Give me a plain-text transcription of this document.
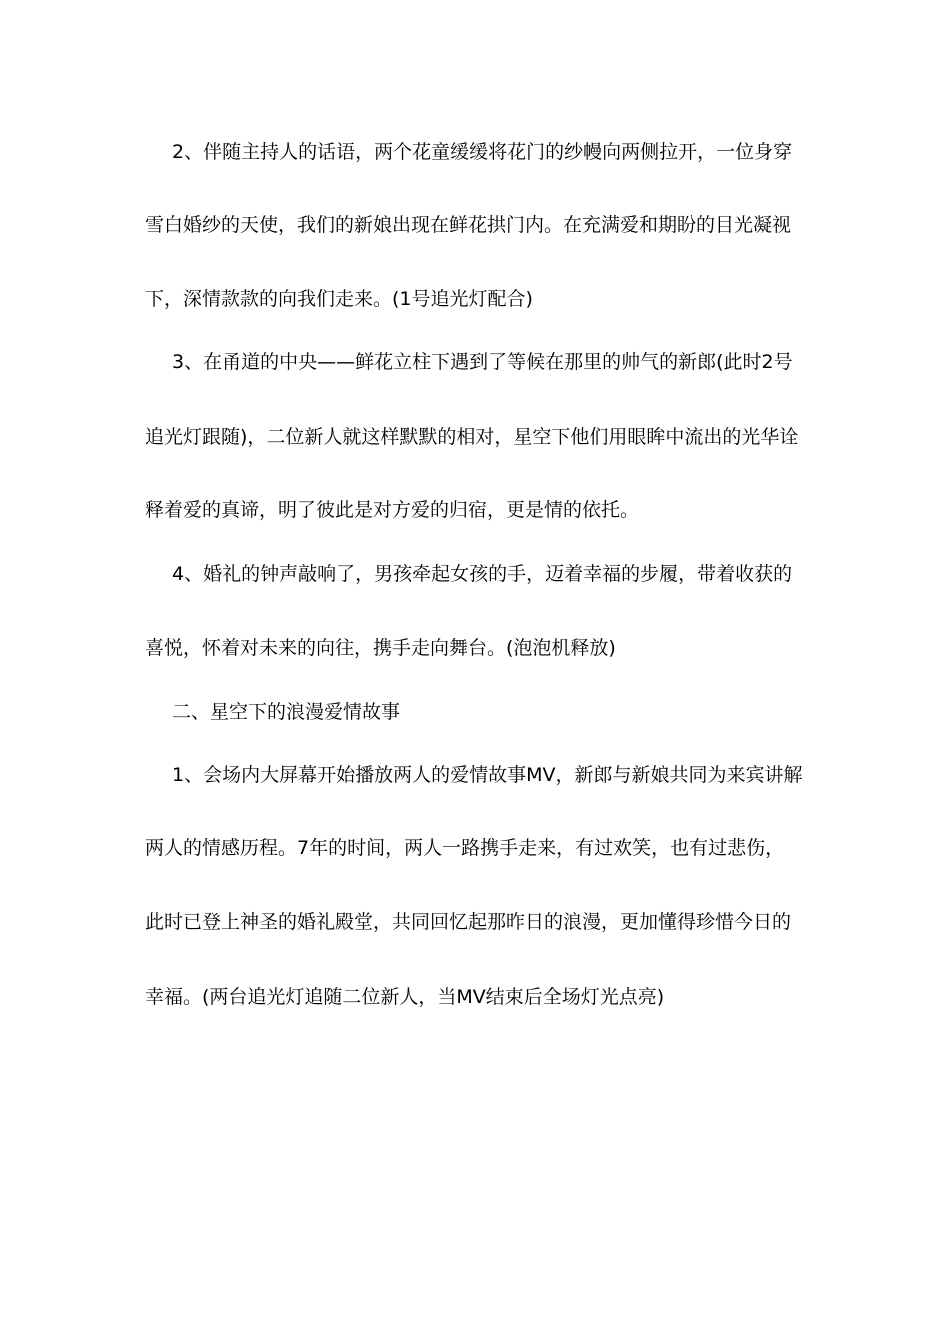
2、伴随主持人的话语，两个花童缓缓将花门的纱幔向两侧拉开，一位身穿
雪白婚纱的天使，我们的新娘出现在鲜花拱门内。在充满爱和期盼的目光凝视
下，深情款款的向我们走来。(1号追光灯配合)
3、在甬道的中央——鲜花立柱下遇到了等候在那里的帅气的新郎(此时2号
追光灯跟随)，二位新人就这样默默的相对，星空下他们用眼眸中流出的光华诠
释着爱的真谛，明了彼此是对方爱的归宿，更是情的依托。
4、婚礼的钟声敲响了，男孩牵起女孩的手，迈着幸福的步履，带着收获的
喜悦，怀着对未来的向往，携手走向舞台。(泡泡机释放)
二、星空下的浪漫爱情故事
1、会场内大屏幕开始播放两人的爱情故事MV，新郎与新娘共同为来宾讲解
两人的情感历程。7年的时间，两人一路携手走来，有过欢笑，也有过悲伤，
此时已登上神圣的婚礼殿堂，共同回忆起那昨日的浪漫，更加懂得珍惜今日的
幸福。(两台追光灯追随二位新人，当MV结束后全场灯光点亮)
